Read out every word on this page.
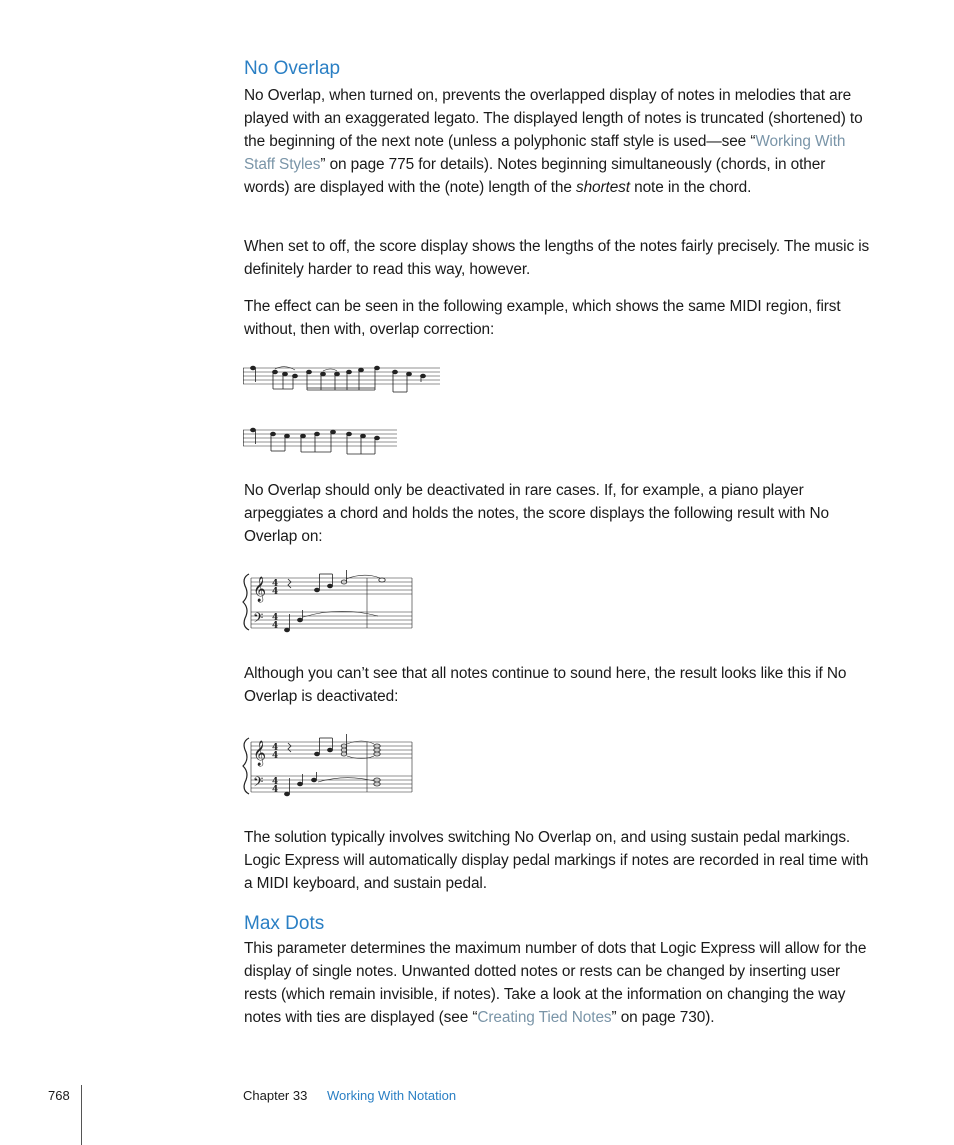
No Overlap

No Overlap, when turned on, prevents the overlapped display of notes in melodies that are played with an exaggerated legato. The displayed length of notes is truncated (shortened) to the beginning of the next note (unless a polyphonic staff style is used—see “Working With Staff Styles” on page 775 for details). Notes beginning simultaneously (chords, in other words) are displayed with the (note) length of the shortest note in the chord.

When set to off, the score display shows the lengths of the notes fairly precisely. The music is definitely harder to read this way, however.

The effect can be seen in the following example, which shows the same MIDI region, first without, then with, overlap correction:

No Overlap should only be deactivated in rare cases. If, for example, a piano player arpeggiates a chord and holds the notes, the score displays the following result with No Overlap on:

𝄞
𝄢
4
4
4
4

Although you can’t see that all notes continue to sound here, the result looks like this if No Overlap is deactivated:

𝄞
𝄢
4
4
4
4

The solution typically involves switching No Overlap on, and using sustain pedal markings. Logic Express will automatically display pedal markings if notes are recorded in real time with a MIDI keyboard, and sustain pedal.

Max Dots

This parameter determines the maximum number of dots that Logic Express will allow for the display of single notes. Unwanted dotted notes or rests can be changed by inserting user rests (which remain invisible, if notes). Take a look at the information on changing the way notes with ties are displayed (see “Creating Tied Notes” on page 730).

768	Chapter 33 Working With Notation
